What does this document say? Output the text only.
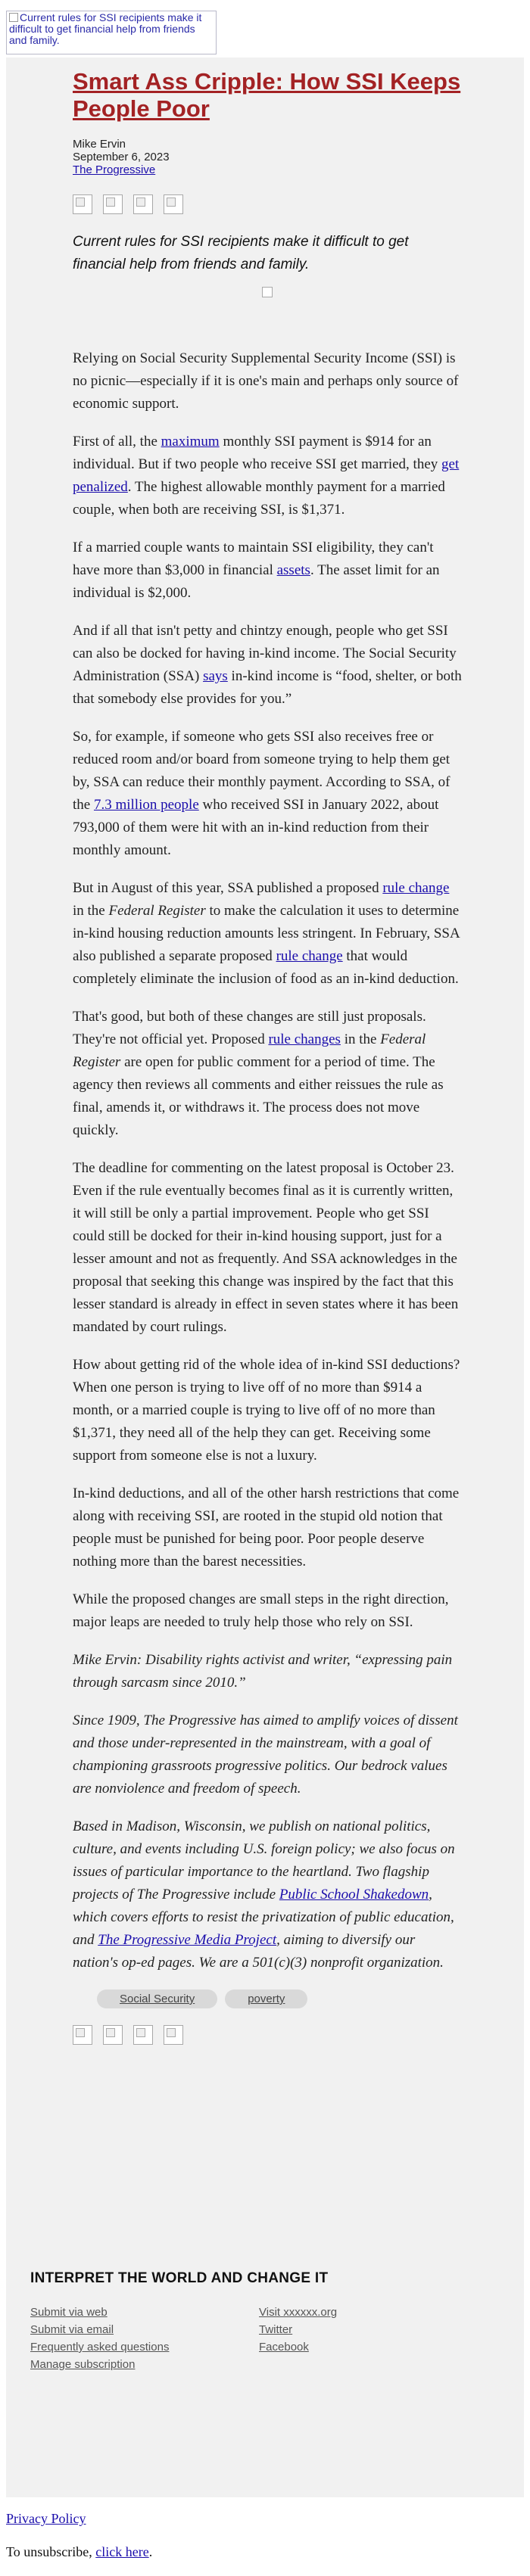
Current rules for SSI recipients make it difficult to get financial help from friends and family.
Smart Ass Cripple: How SSI Keeps People Poor
Mike Ervin
September 6, 2023
The Progressive
Current rules for SSI recipients make it difficult to get financial help from friends and family.

Relying on Social Security Supplemental Security Income (SSI) is no picnic—especially if it is one's main and perhaps only source of economic support.

First of all, the maximum monthly SSI payment is $914 for an individual. But if two people who receive SSI get married, they get penalized. The highest allowable monthly payment for a married couple, when both are receiving SSI, is $1,371.

If a married couple wants to maintain SSI eligibility, they can't have more than $3,000 in financial assets. The asset limit for an individual is $2,000.

And if all that isn't petty and chintzy enough, people who get SSI can also be docked for having in-kind income. The Social Security Administration (SSA) says in-kind income is “food, shelter, or both that somebody else provides for you.”

So, for example, if someone who gets SSI also receives free or reduced room and/or board from someone trying to help them get by, SSA can reduce their monthly payment. According to SSA, of the 7.3 million people who received SSI in January 2022, about 793,000 of them were hit with an in-kind reduction from their monthly amount.

But in August of this year, SSA published a proposed rule change in the Federal Register to make the calculation it uses to determine in-kind housing reduction amounts less stringent. In February, SSA also published a separate proposed rule change that would completely eliminate the inclusion of food as an in-kind deduction.

That's good, but both of these changes are still just proposals. They're not official yet. Proposed rule changes in the Federal Register are open for public comment for a period of time. The agency then reviews all comments and either reissues the rule as final, amends it, or withdraws it. The process does not move quickly.

The deadline for commenting on the latest proposal is October 23. Even if the rule eventually becomes final as it is currently written, it will still be only a partial improvement. People who get SSI could still be docked for their in-kind housing support, just for a lesser amount and not as frequently. And SSA acknowledges in the proposal that seeking this change was inspired by the fact that this lesser standard is already in effect in seven states where it has been mandated by court rulings.

How about getting rid of the whole idea of in-kind SSI deductions? When one person is trying to live off of no more than $914 a month, or a married couple is trying to live off of no more than $1,371, they need all of the help they can get. Receiving some support from someone else is not a luxury.

In-kind deductions, and all of the other harsh restrictions that come along with receiving SSI, are rooted in the stupid old notion that people must be punished for being poor. Poor people deserve nothing more than the barest necessities.

While the proposed changes are small steps in the right direction, major leaps are needed to truly help those who rely on SSI.

Mike Ervin: Disability rights activist and writer, “expressing pain through sarcasm since 2010.”

Since 1909, The Progressive has aimed to amplify voices of dissent and those under-represented in the mainstream, with a goal of championing grassroots progressive politics. Our bedrock values are nonviolence and freedom of speech.

Based in Madison, Wisconsin, we publish on national politics, culture, and events including U.S. foreign policy; we also focus on issues of particular importance to the heartland. Two flagship projects of The Progressive include Public School Shakedown, which covers efforts to resist the privatization of public education, and The Progressive Media Project, aiming to diversify our nation's op-ed pages. We are a 501(c)(3) nonprofit organization.

Social Security	poverty
INTERPRET THE WORLD AND CHANGE IT
Submit via web
Submit via email
Frequently asked questions
Manage subscription
Visit xxxxxx.org
Twitter
Facebook

Privacy Policy

To unsubscribe, click here.
